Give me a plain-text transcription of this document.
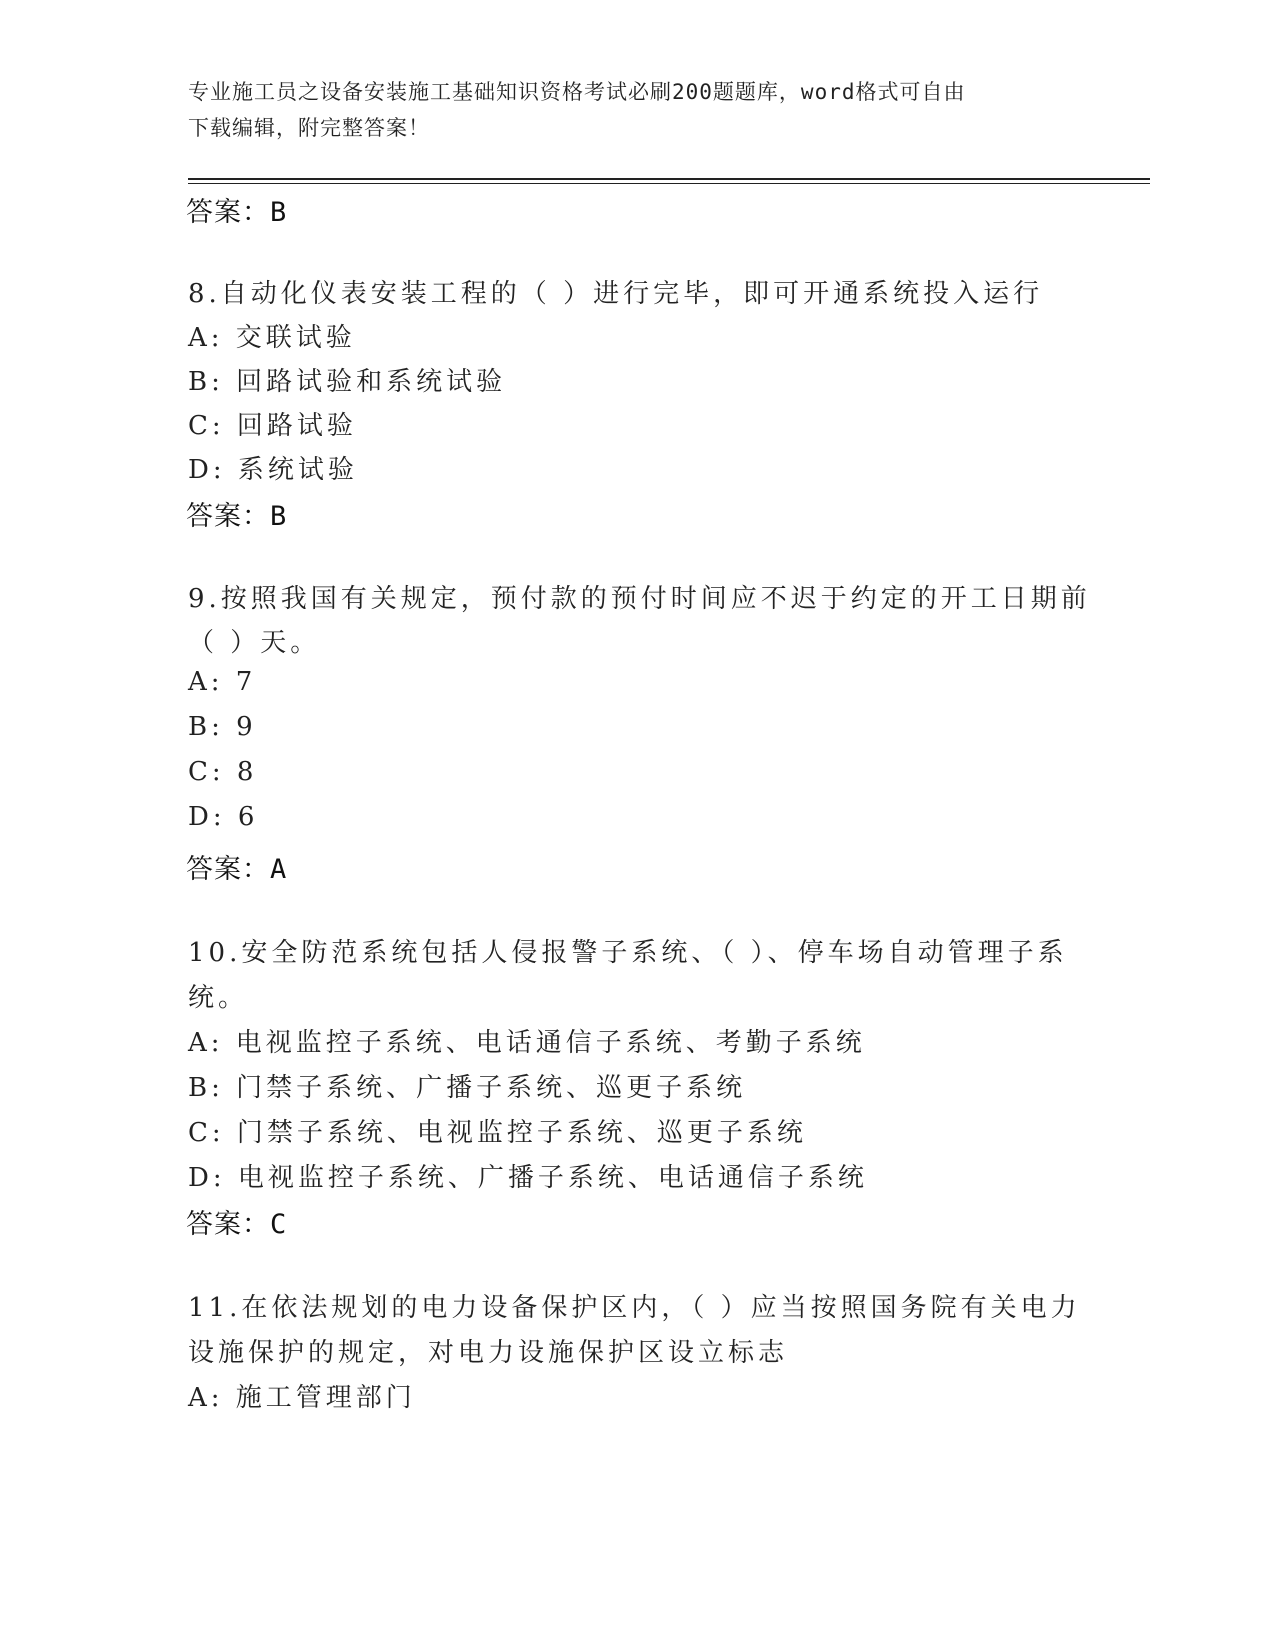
专业施工员之设备安装施工基础知识资格考试必刷200题题库，word格式可自由
下载编辑，附完整答案！
答案：B
8.自动化仪表安装工程的（ ）进行完毕，即可开通系统投入运行
A: 交联试验
B: 回路试验和系统试验
C: 回路试验
D: 系统试验
答案：B
9.按照我国有关规定，预付款的预付时间应不迟于约定的开工日期前
（ ）天。
A: 7
B: 9
C: 8
D: 6
答案：A
10.安全防范系统包括人侵报警子系统、（ ）、停车场自动管理子系
统。
A: 电视监控子系统、电话通信子系统、考勤子系统
B: 门禁子系统、广播子系统、巡更子系统
C: 门禁子系统、电视监控子系统、巡更子系统
D: 电视监控子系统、广播子系统、电话通信子系统
答案：C
11.在依法规划的电力设备保护区内，（ ）应当按照国务院有关电力
设施保护的规定，对电力设施保护区设立标志
A: 施工管理部门
